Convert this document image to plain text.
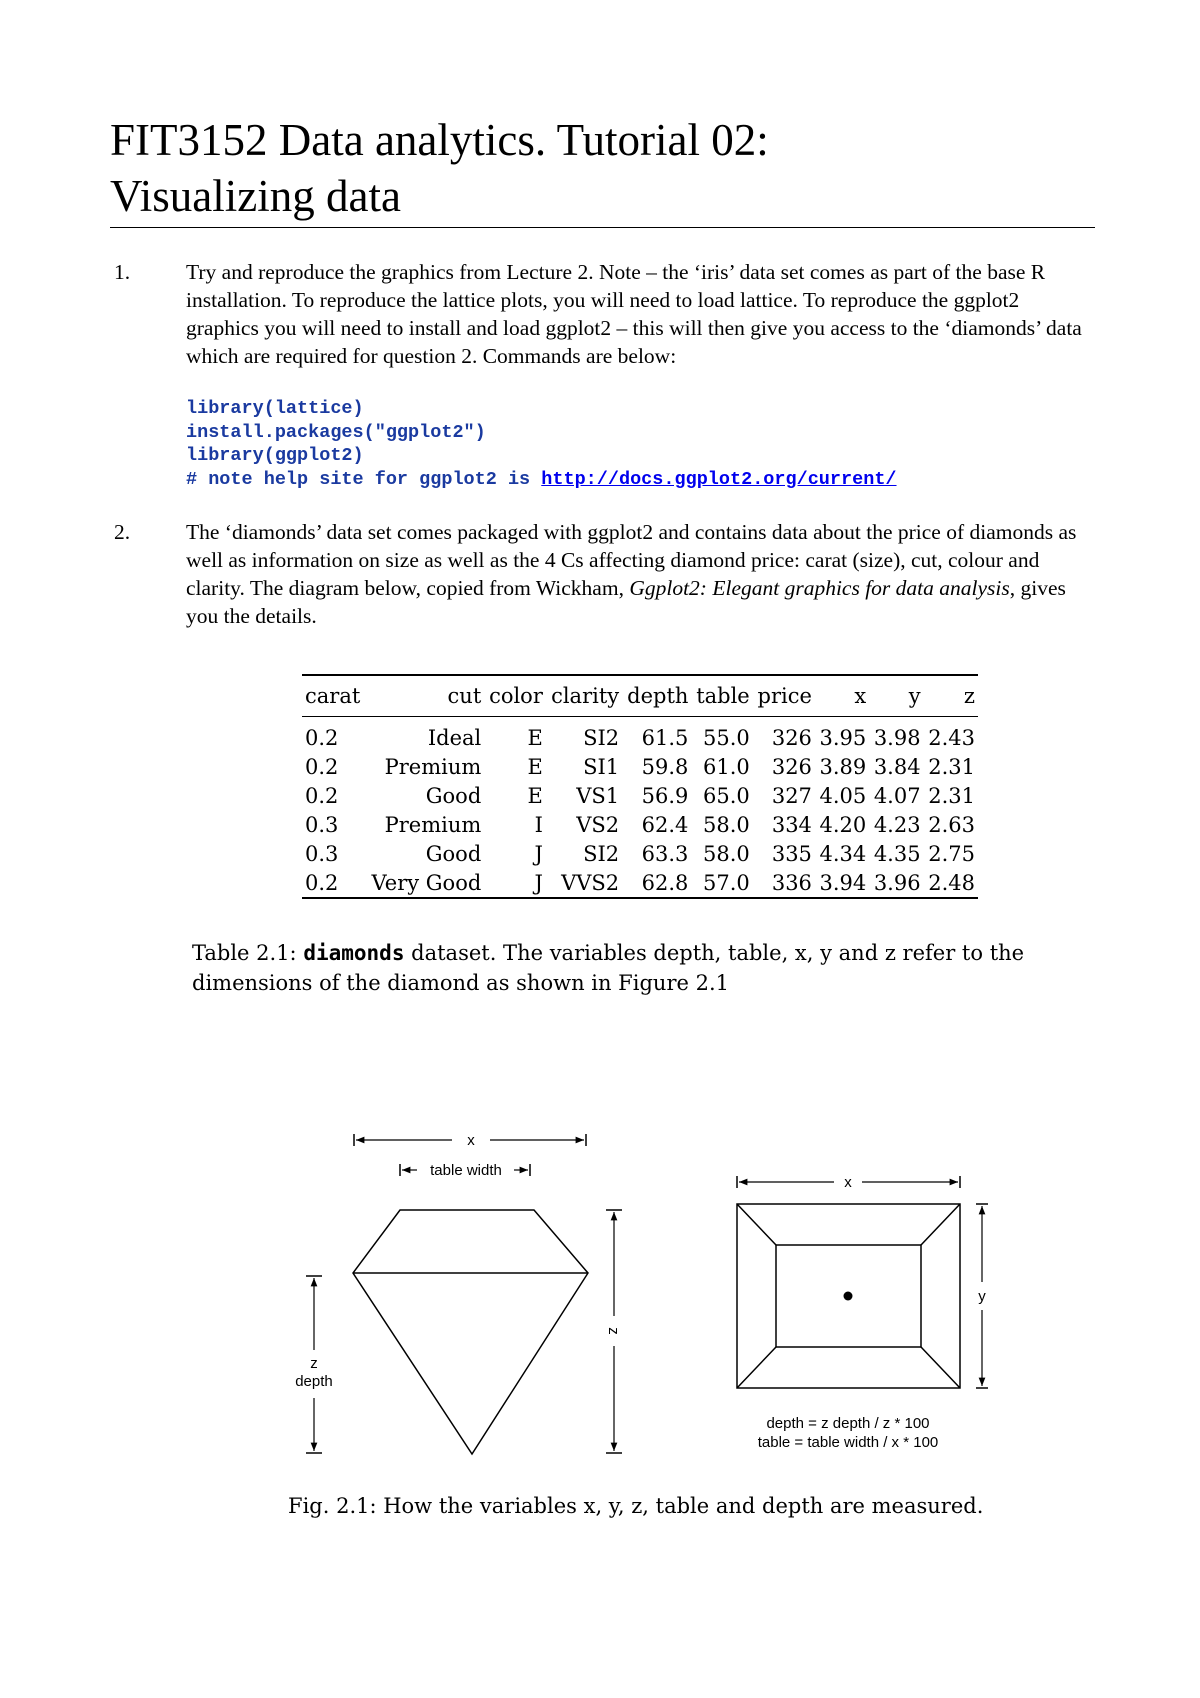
FIT3152 Data analytics. Tutorial 02:
Visualizing data
1.	Try and reproduce the graphics from Lecture 2. Note – the ‘iris’ data set comes as part of the base R installation. To reproduce the lattice plots, you will need to load lattice. To reproduce the ggplot2 graphics you will need to install and load ggplot2 – this will then give you access to the ‘diamonds’ data which are required for question 2. Commands are below:
library(lattice)
install.packages("ggplot2")
library(ggplot2)
# note help site for ggplot2 is http://docs.ggplot2.org/current/
2.	The ‘diamonds’ data set comes packaged with ggplot2 and contains data about the price of diamonds as well as information on size as well as the 4 Cs affecting diamond price: carat (size), cut, colour and clarity. The diagram below, copied from Wickham, Ggplot2: Elegant graphics for data analysis, gives you the details.
carat	cut	color	clarity	depth	table	price	x	y	z
0.2	Ideal	E	SI2	61.5	55.0	326	3.95	3.98	2.43
0.2	Premium	E	SI1	59.8	61.0	326	3.89	3.84	2.31
0.2	Good	E	VS1	56.9	65.0	327	4.05	4.07	2.31
0.3	Premium	I	VS2	62.4	58.0	334	4.20	4.23	2.63
0.3	Good	J	SI2	63.3	58.0	335	4.34	4.35	2.75
0.2	Very Good	J	VVS2	62.8	57.0	336	3.94	3.96	2.48
Table 2.1: diamonds dataset. The variables depth, table, x, y and z refer to the dimensions of the diamond as shown in Figure 2.1
x
table width
z
depth
z
x
y
depth = z depth / z * 100
table = table width / x * 100
Fig. 2.1: How the variables x, y, z, table and depth are measured.
